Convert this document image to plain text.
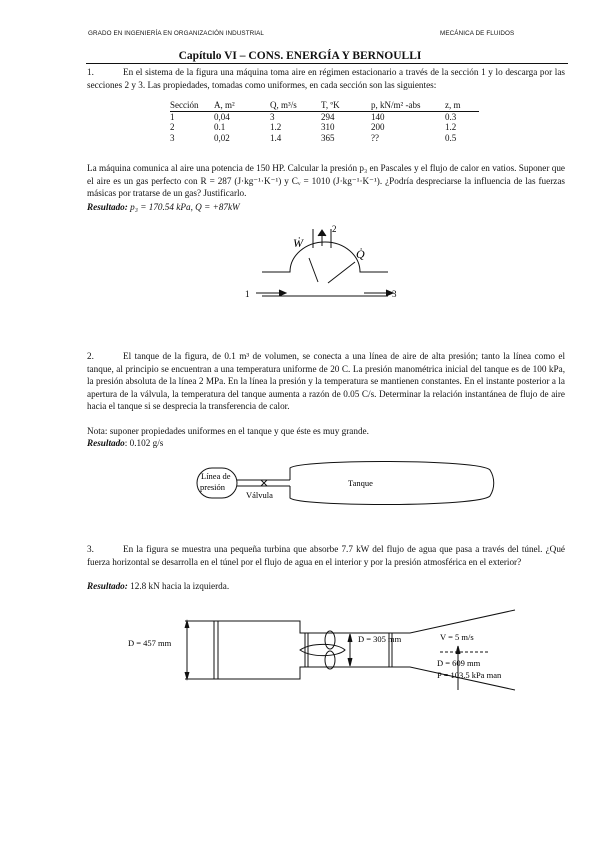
GRADO EN INGENIERÍA EN ORGANIZACIÓN INDUSTRIAL	MECÁNICA DE FLUIDOS
Capítulo VI – CONS. ENERGÍA Y BERNOULLI
1.	En el sistema de la figura una máquina toma aire en régimen estacionario a través de la sección 1 y lo descarga por las secciones 2 y 3. Las propiedades, tomadas como uniformes, en cada sección son las siguientes:
Sección	A, m²	Q, m³/s	T, ºK	p, kN/m² -abs	z, m
1	0,04	3	294	140	0.3
2	0.1	1.2	310	200	1.2
3	0,02	1.4	365	??	0.5
La máquina comunica al aire una potencia de 150 HP. Calcular la presión p₃ en Pascales y el flujo de calor en vatios. Suponer que el aire es un gas perfecto con R = 287 (J·kg⁻¹·K⁻¹) y Cᵥ = 1010 (J·kg⁻¹·K⁻¹). ¿Podría despreciarse la influencia de las fuerzas másicas por tratarse de un gas? Justificarlo.
Resultado: p₃ = 170.54 kPa, Q = +87kW
Ẇ
Q̇
1
2
3
Línea de
presión
Válvula
Tanque
D = 457 mm	D = 305 mm	V = 5 m/s
D = 609 mm
P = 103.5 kPa man
2.	El tanque de la figura, de 0.1 m³ de volumen, se conecta a una línea de aire de alta presión; tanto la línea como el tanque, al principio se encuentran a una temperatura uniforme de 20 C. La presión manométrica inicial del tanque es de 100 kPa, la presión absoluta de la línea 2 MPa. En la línea la presión y la temperatura se mantienen constantes. En el instante posterior a la apertura de la válvula, la temperatura del tanque aumenta a razón de 0.05 C/s. Determinar la relación instantánea de flujo de aire hacia el tanque si se desprecia la transferencia de calor.
Nota: suponer propiedades uniformes en el tanque y que éste es muy grande.
Resultado: 0.102 g/s
3.	En la figura se muestra una pequeña turbina que absorbe 7.7 kW del flujo de agua que pasa a través del túnel. ¿Qué fuerza horizontal se desarrolla en el túnel por el flujo de agua en el interior y por la presión atmosférica en el exterior?
Resultado: 12.8 kN hacia la izquierda.
